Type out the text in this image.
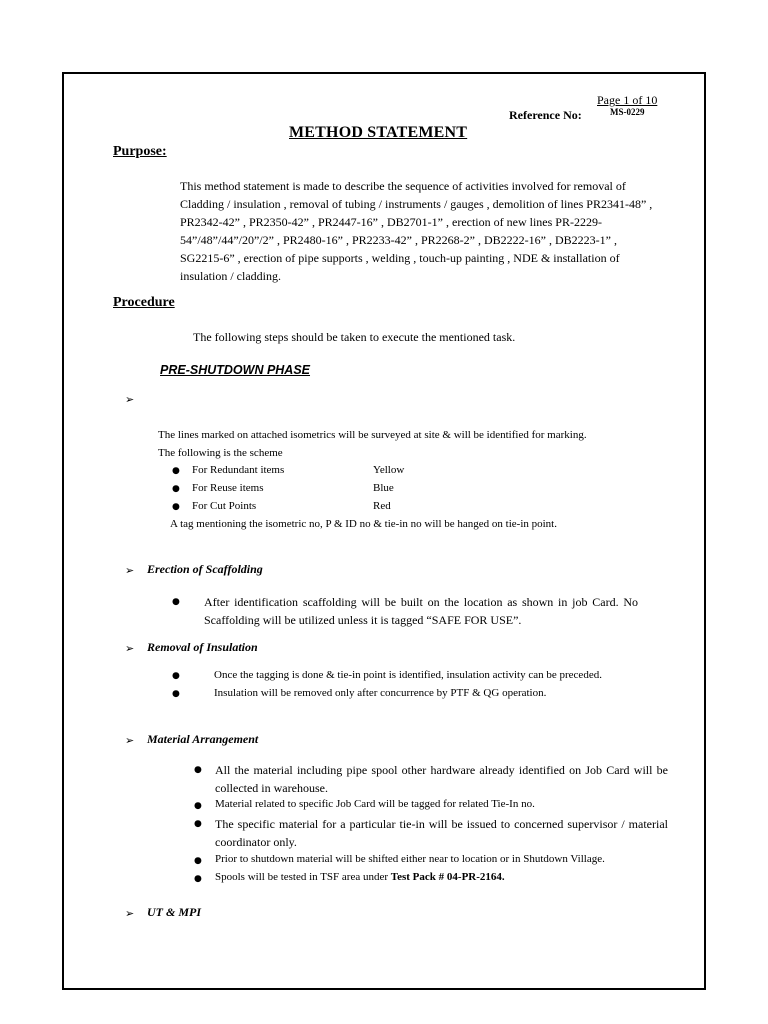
Page 1 of 10
Reference No:	MS-0229
METHOD STATEMENT
Purpose:
This method statement is made to describe the sequence of activities involved for removal of Cladding / insulation , removal of tubing / instruments / gauges , demolition of lines PR2341-48” , PR2342-42” , PR2350-42” , PR2447-16” , DB2701-1” , erection of new lines PR-2229-54”/48”/44”/20”/2” , PR2480-16” , PR2233-42” , PR2268-2” , DB2222-16” , DB2223-1” , SG2215-6” , erection of pipe supports , welding , touch-up painting , NDE & installation of insulation / cladding.
Procedure
The following steps should be taken to execute the mentioned task.
PRE-SHUTDOWN PHASE
➢
The lines marked on attached isometrics will be surveyed at site & will be identified for marking.
The following is the scheme
● For Redundant items	Yellow
● For Reuse items	Blue
● For Cut Points	Red
A tag mentioning the isometric no, P & ID no & tie-in no will be hanged on tie-in point.
➢ Erection of Scaffolding
● After identification scaffolding will be built on the location as shown in job Card. No Scaffolding will be utilized unless it is tagged “SAFE FOR USE”.
➢ Removal of Insulation
●	Once the tagging is done & tie-in point is identified, insulation activity can be preceded.
●	Insulation will be removed only after concurrence by PTF & QG operation.
➢ Material Arrangement
● All the material including pipe spool other hardware already identified on Job Card will be collected in warehouse.
● Material related to specific Job Card will be tagged for related Tie-In no.
● The specific material for a particular tie-in will be issued to concerned supervisor / material coordinator only.
● Prior to shutdown material will be shifted either near to location or in Shutdown Village.
● Spools will be tested in TSF area under Test Pack # 04-PR-2164.
➢ UT & MPI
